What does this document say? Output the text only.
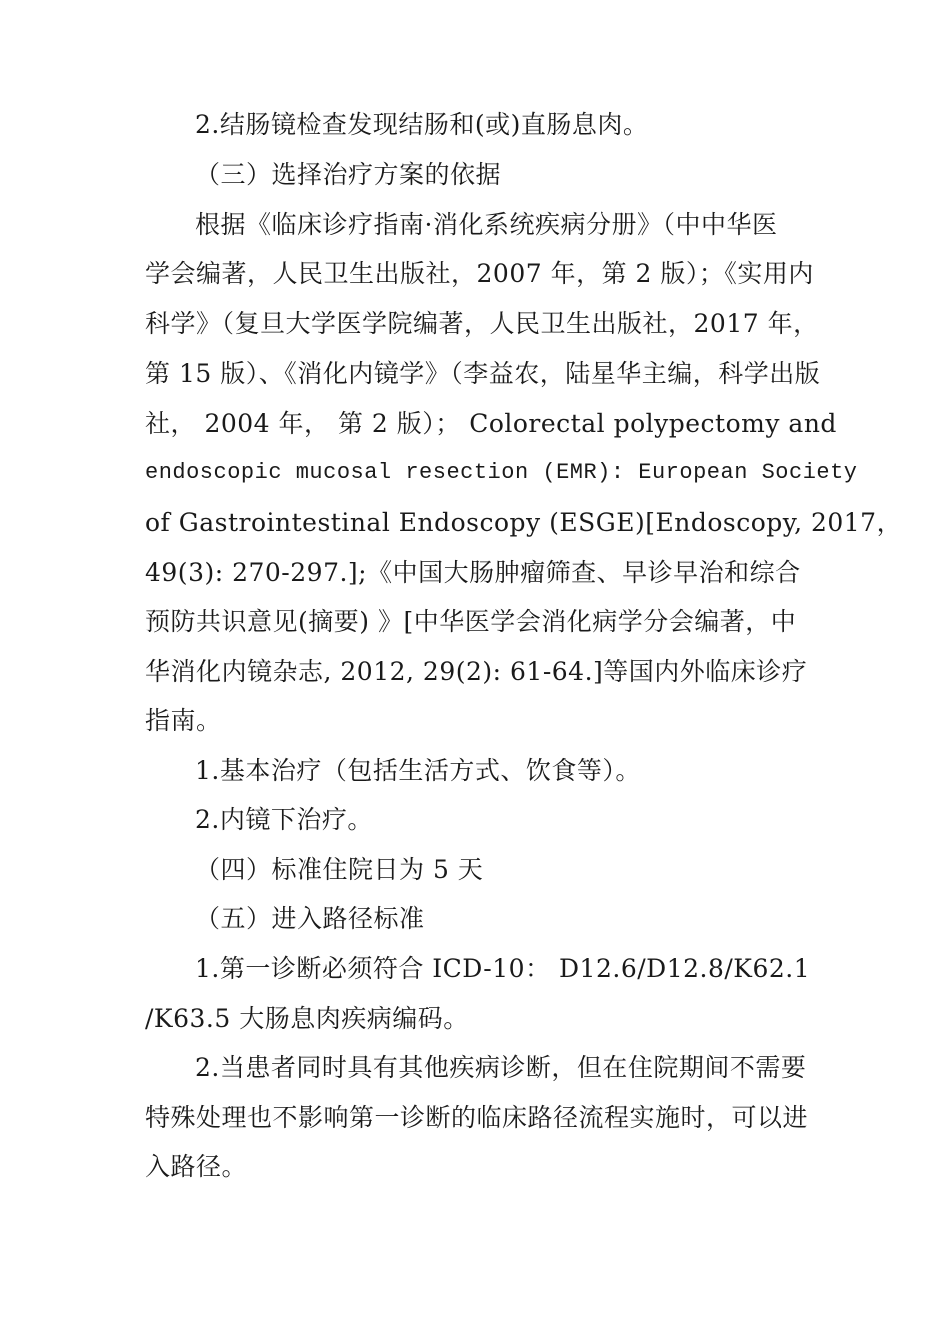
2.结肠镜检查发现结肠和(或)直肠息肉。
（三）选择治疗方案的依据
根据《临床诊疗指南·消化系统疾病分册》（中中华医
学会编著，人民卫生出版社，2007 年，第 2 版）；《实用内
科学》（复旦大学医学院编著，人民卫生出版社，2017 年，
第 15 版）、《消化内镜学》（李益农，陆星华主编，科学出版
社， 2004 年， 第 2 版）； Colorectal polypectomy and
endoscopic mucosal resection (EMR): European Society
of Gastrointestinal Endoscopy (ESGE)[Endoscopy, 2017，
49(3): 270-297.];《中国大肠肿瘤筛查、早诊早治和综合
预防共识意见(摘要) 》[中华医学会消化病学分会编著，中
华消化内镜杂志, 2012, 29(2): 61-64.]等国内外临床诊疗
指南。
1.基本治疗（包括生活方式、饮食等）。
2.内镜下治疗。
（四）标准住院日为 5 天
（五）进入路径标准
1.第一诊断必须符合 ICD-10： D12.6/D12.8/K62.1
/K63.5 大肠息肉疾病编码。
2.当患者同时具有其他疾病诊断，但在住院期间不需要
特殊处理也不影响第一诊断的临床路径流程实施时，可以进
入路径。
